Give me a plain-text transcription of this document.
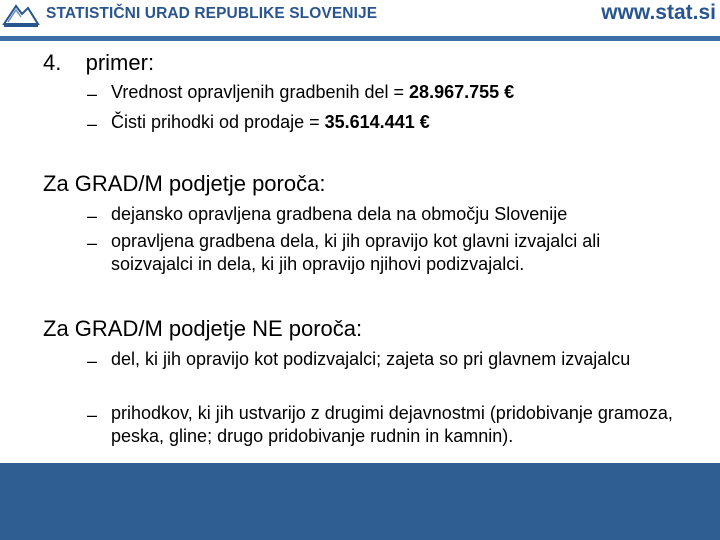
STATISTIČNI URAD REPUBLIKE SLOVENIJE	www.stat.si
4. primer:
– Vrednost opravljenih gradbenih del = 28.967.755 €
– Čisti prihodki od prodaje = 35.614.441 €
Za GRAD/M podjetje poroča:
– dejansko opravljena gradbena dela na območju Slovenije
– opravljena gradbena dela, ki jih opravijo kot glavni izvajalci ali soizvajalci in dela, ki jih opravijo njihovi podizvajalci.
Za GRAD/M podjetje NE poroča:
– del, ki jih opravijo kot podizvajalci; zajeta so pri glavnem izvajalcu
– prihodkov, ki jih ustvarijo z drugimi dejavnostmi (pridobivanje gramoza, peska, gline; drugo pridobivanje rudnin in kamnin).
